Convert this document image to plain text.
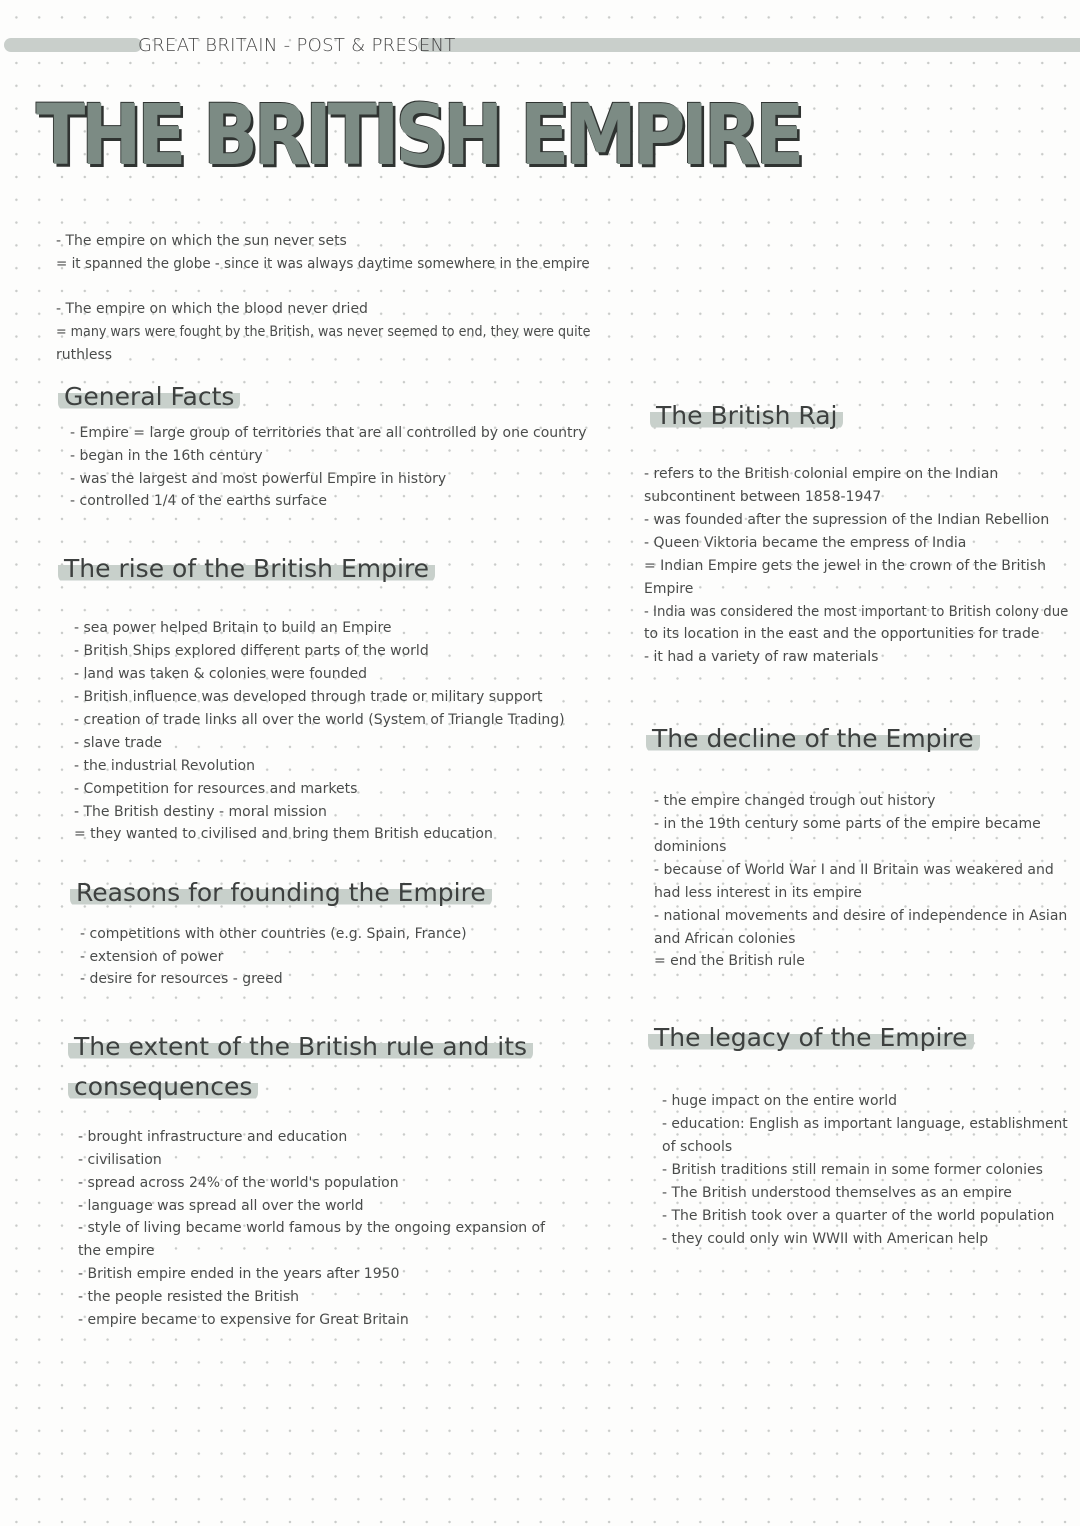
GREAT BRITAIN - POST & PRESENT
THE BRITISH EMPIRE
- The empire on which the sun never sets
= it spanned the globe - since it was always daytime somewhere in the empire
- The empire on which the blood never dried
= many wars were fought by the British, was never seemed to end, they were quite
ruthless
General Facts
- Empire = large group of territories that are all controlled by one country
- began in the 16th century
- was the largest and most powerful Empire in history
- controlled 1/4 of the earths surface
The rise of the British Empire
- sea power helped Britain to build an Empire
- British Ships explored different parts of the world
- land was taken & colonies were founded
- British influence was developed through trade or military support
- creation of trade links all over the world (System of Triangle Trading)
- slave trade
- the industrial Revolution
- Competition for resources and markets
- The British destiny - moral mission
= they wanted to civilised and bring them British education
Reasons for founding the Empire
- competitions with other countries (e.g. Spain, France)
- extension of power
- desire for resources - greed
The extent of the British rule and its
consequences
- brought infrastructure and education
- civilisation
- spread across 24% of the world's population
- language was spread all over the world
- style of living became world famous by the ongoing expansion of
the empire
- British empire ended in the years after 1950
- the people resisted the British
- empire became to expensive for Great Britain
The British Raj
- refers to the British colonial empire on the Indian
subcontinent between 1858-1947
- was founded after the supression of the Indian Rebellion
- Queen Viktoria became the empress of India
= Indian Empire gets the jewel in the crown of the British
Empire
- India was considered the most important to British colony due
to its location in the east and the opportunities for trade
- it had a variety of raw materials
The decline of the Empire
- the empire changed trough out history
- in the 19th century some parts of the empire became
dominions
- because of World War I and II Britain was weakered and
had less interest in its empire
- national movements and desire of independence in Asian
and African colonies
= end the British rule
The legacy of the Empire
- huge impact on the entire world
- education: English as important language, establishment
of schools
- British traditions still remain in some former colonies
- The British understood themselves as an empire
- The British took over a quarter of the world population
- they could only win WWII with American help
